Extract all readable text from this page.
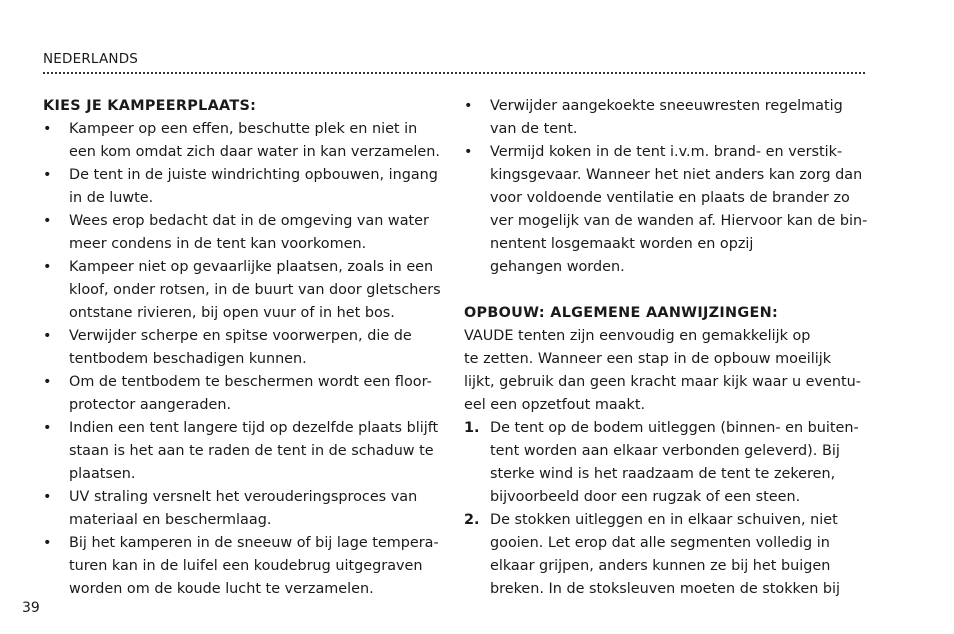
NEDERLANDS
KIES JE KAMPEERPLAATS:
• Kampeer op een effen, beschutte plek en niet in
een kom omdat zich daar water in kan verzamelen.
• De tent in de juiste windrichting opbouwen, ingang
in de luwte.
• Wees erop bedacht dat in de omgeving van water
meer condens in de tent kan voorkomen.
• Kampeer niet op gevaarlijke plaatsen, zoals in een
kloof, onder rotsen, in de buurt van door gletschers
ontstane rivieren, bij open vuur of in het bos.
• Verwijder scherpe en spitse voorwerpen, die de
tentbodem beschadigen kunnen.
• Om de tentbodem te beschermen wordt een floor-
protector aangeraden.
• Indien een tent langere tijd op dezelfde plaats blijft
staan is het aan te raden de tent in de schaduw te
plaatsen.
• UV straling versnelt het verouderingsproces van
materiaal en beschermlaag.
• Bij het kamperen in de sneeuw of bij lage tempera-
turen kan in de luifel een koudebrug uitgegraven
worden om de koude lucht te verzamelen.
• Verwijder aangekoekte sneeuwresten regelmatig
van de tent.
• Vermijd koken in de tent i.v.m. brand- en verstik-
kingsgevaar. Wanneer het niet anders kan zorg dan
voor voldoende ventilatie en plaats de brander zo
ver mogelijk van de wanden af. Hiervoor kan de bin-
nentent losgemaakt worden en opzij
gehangen worden.
OPBOUW: ALGEMENE AANWIJZINGEN:
VAUDE tenten zijn eenvoudig en gemakkelijk op
te zetten. Wanneer een stap in de opbouw moeilijk
lijkt, gebruik dan geen kracht maar kijk waar u eventu-
eel een opzetfout maakt.
1. De tent op de bodem uitleggen (binnen- en buiten-
tent worden aan elkaar verbonden geleverd). Bij
sterke wind is het raadzaam de tent te zekeren,
bijvoorbeeld door een rugzak of een steen.
2. De stokken uitleggen en in elkaar schuiven, niet
gooien. Let erop dat alle segmenten volledig in
elkaar grijpen, anders kunnen ze bij het buigen
breken. In de stoksleuven moeten de stokken bij
39
